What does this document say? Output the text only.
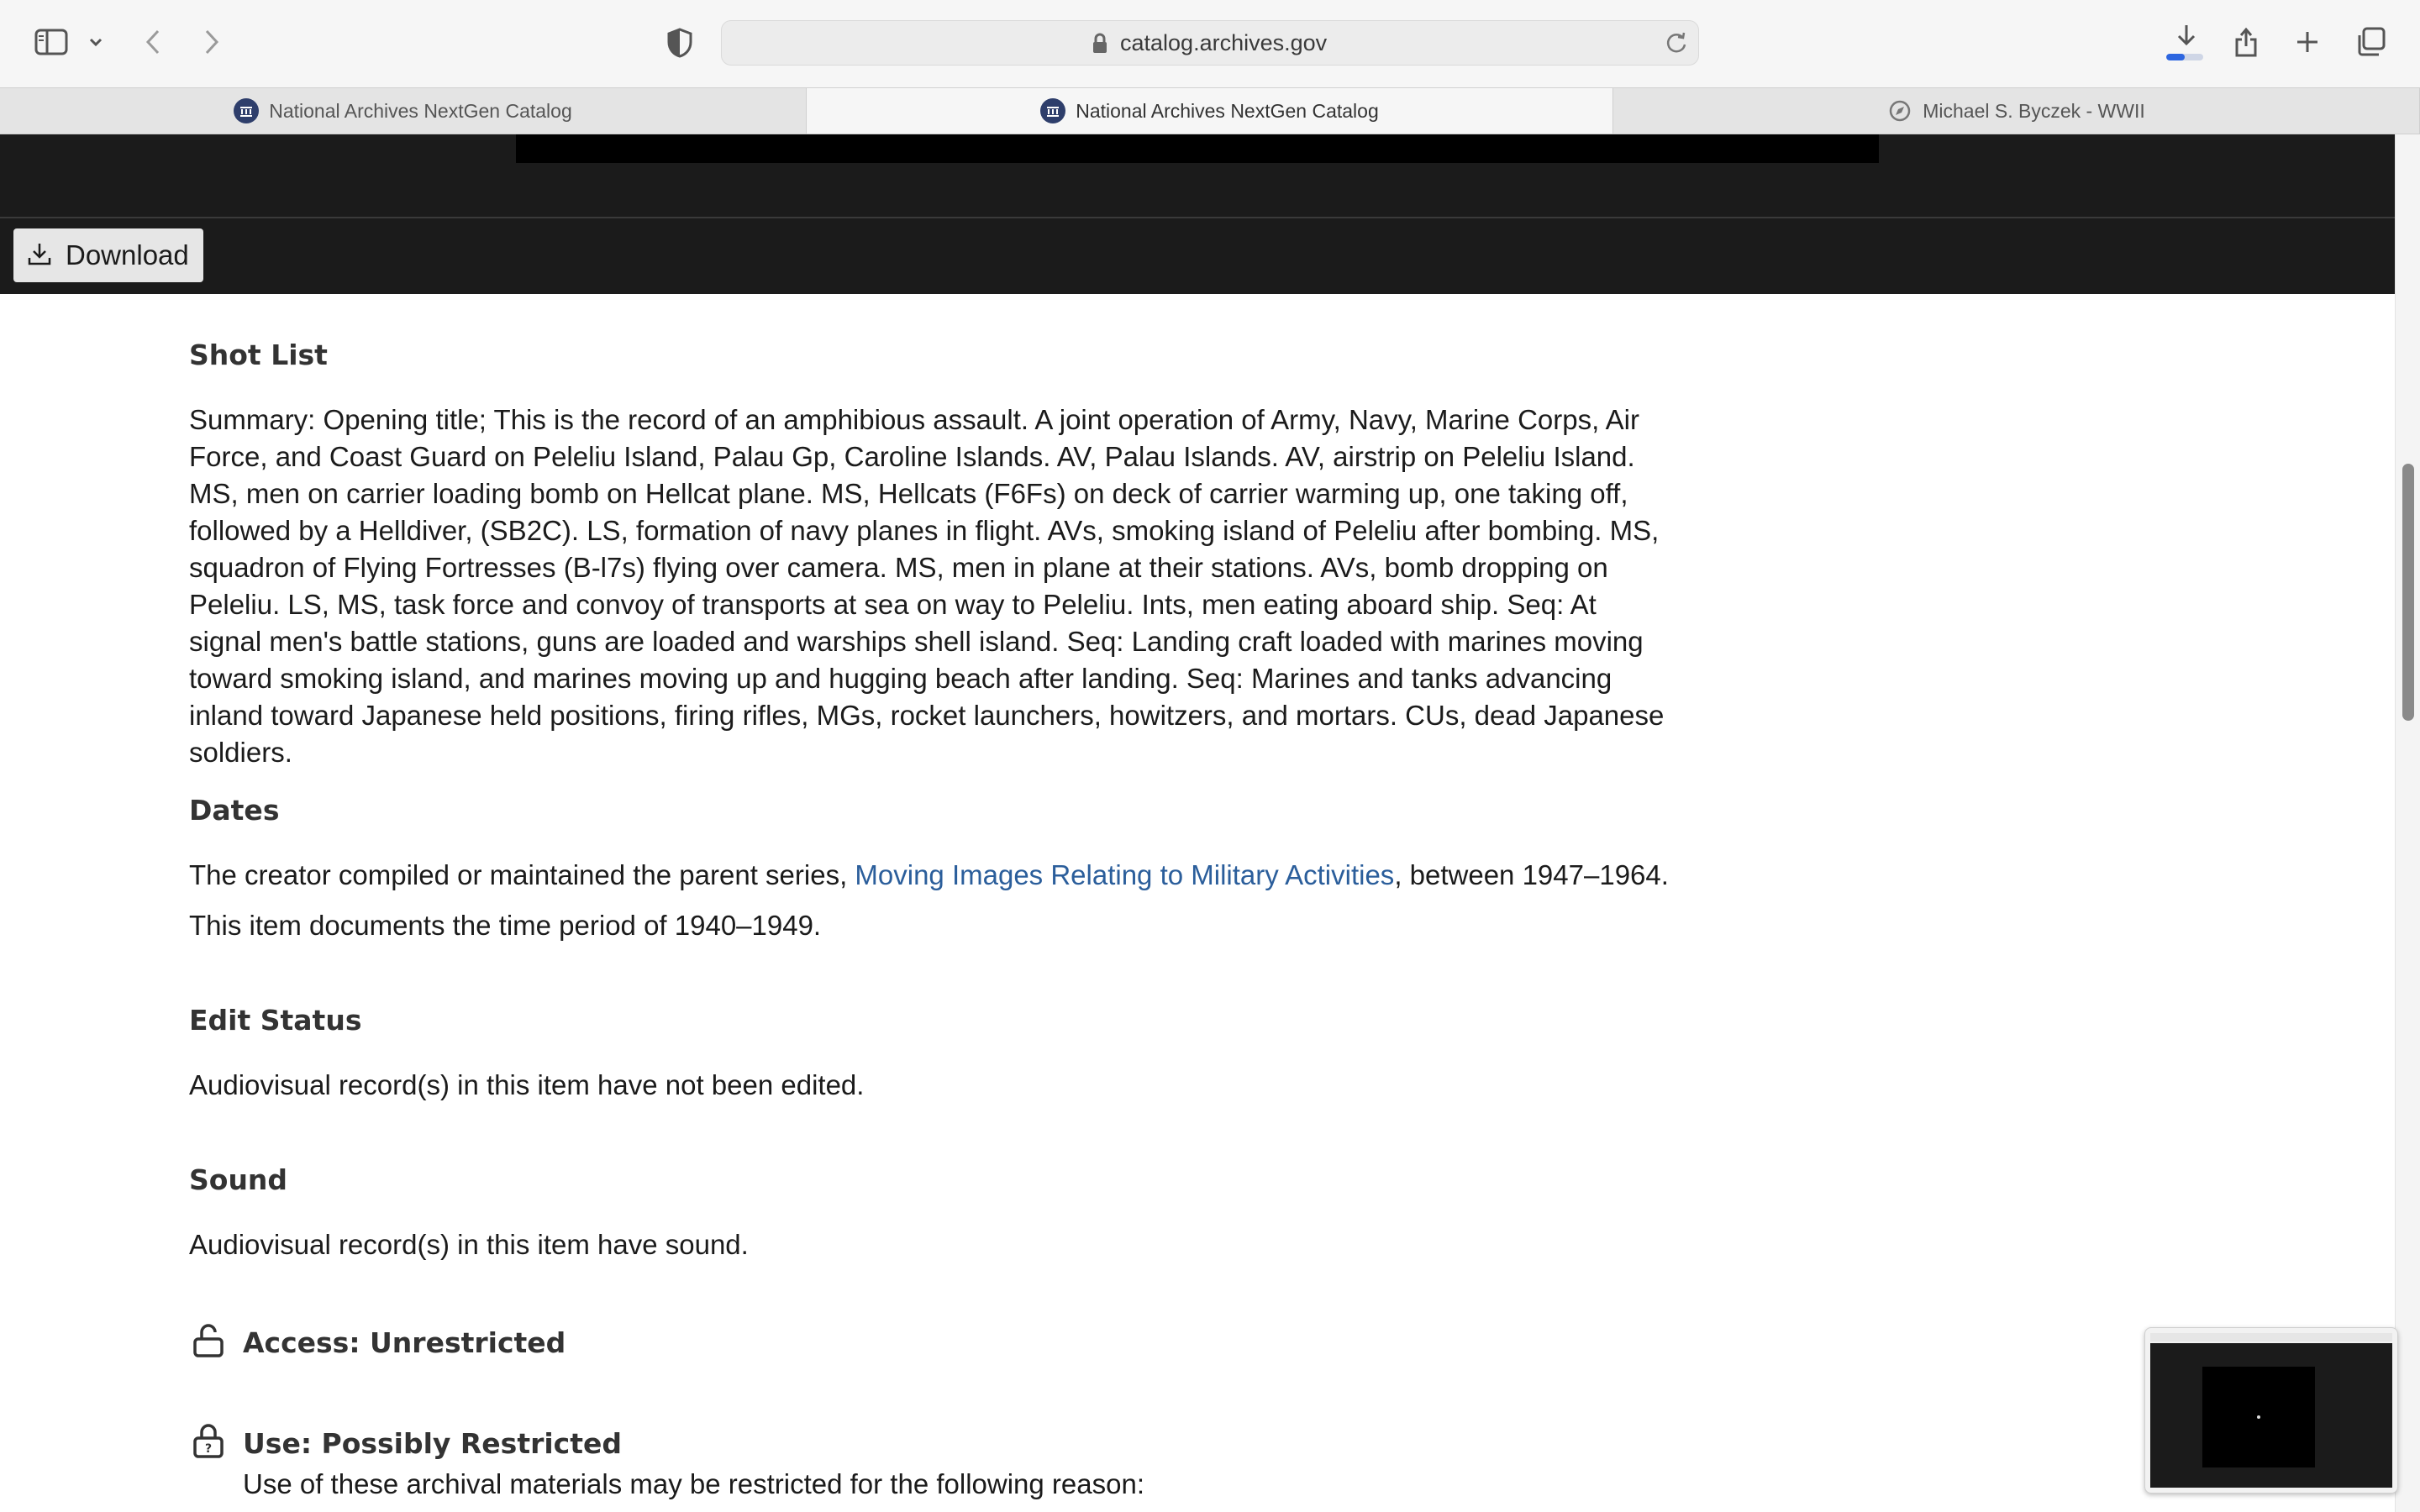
catalog.archives.gov
National Archives NextGen Catalog	National Archives NextGen Catalog	Michael S. Byczek - WWII
Download
Shot List
Summary: Opening title; This is the record of an amphibious assault. A joint operation of Army, Navy, Marine Corps, Air Force, and Coast Guard on Peleliu Island, Palau Gp, Caroline Islands. AV, Palau Islands. AV, airstrip on Peleliu Island. MS, men on carrier loading bomb on Hellcat plane. MS, Hellcats (F6Fs) on deck of carrier warming up, one taking off, followed by a Helldiver, (SB2C). LS, formation of navy planes in flight. AVs, smoking island of Peleliu after bombing. MS, squadron of Flying Fortresses (B-l7s) flying over camera. MS, men in plane at their stations. AVs, bomb dropping on Peleliu. LS, MS, task force and convoy of transports at sea on way to Peleliu. Ints, men eating aboard ship. Seq: At signal men's battle stations, guns are loaded and warships shell island. Seq: Landing craft loaded with marines moving toward smoking island, and marines moving up and hugging beach after landing. Seq: Marines and tanks advancing inland toward Japanese held positions, firing rifles, MGs, rocket launchers, howitzers, and mortars. CUs, dead Japanese soldiers.
Dates
The creator compiled or maintained the parent series, Moving Images Relating to Military Activities, between 1947–1964.
This item documents the time period of 1940–1949.
Edit Status
Audiovisual record(s) in this item have not been edited.
Sound
Audiovisual record(s) in this item have sound.
Access: Unrestricted
? Use: Possibly Restricted
Use of these archival materials may be restricted for the following reason:
